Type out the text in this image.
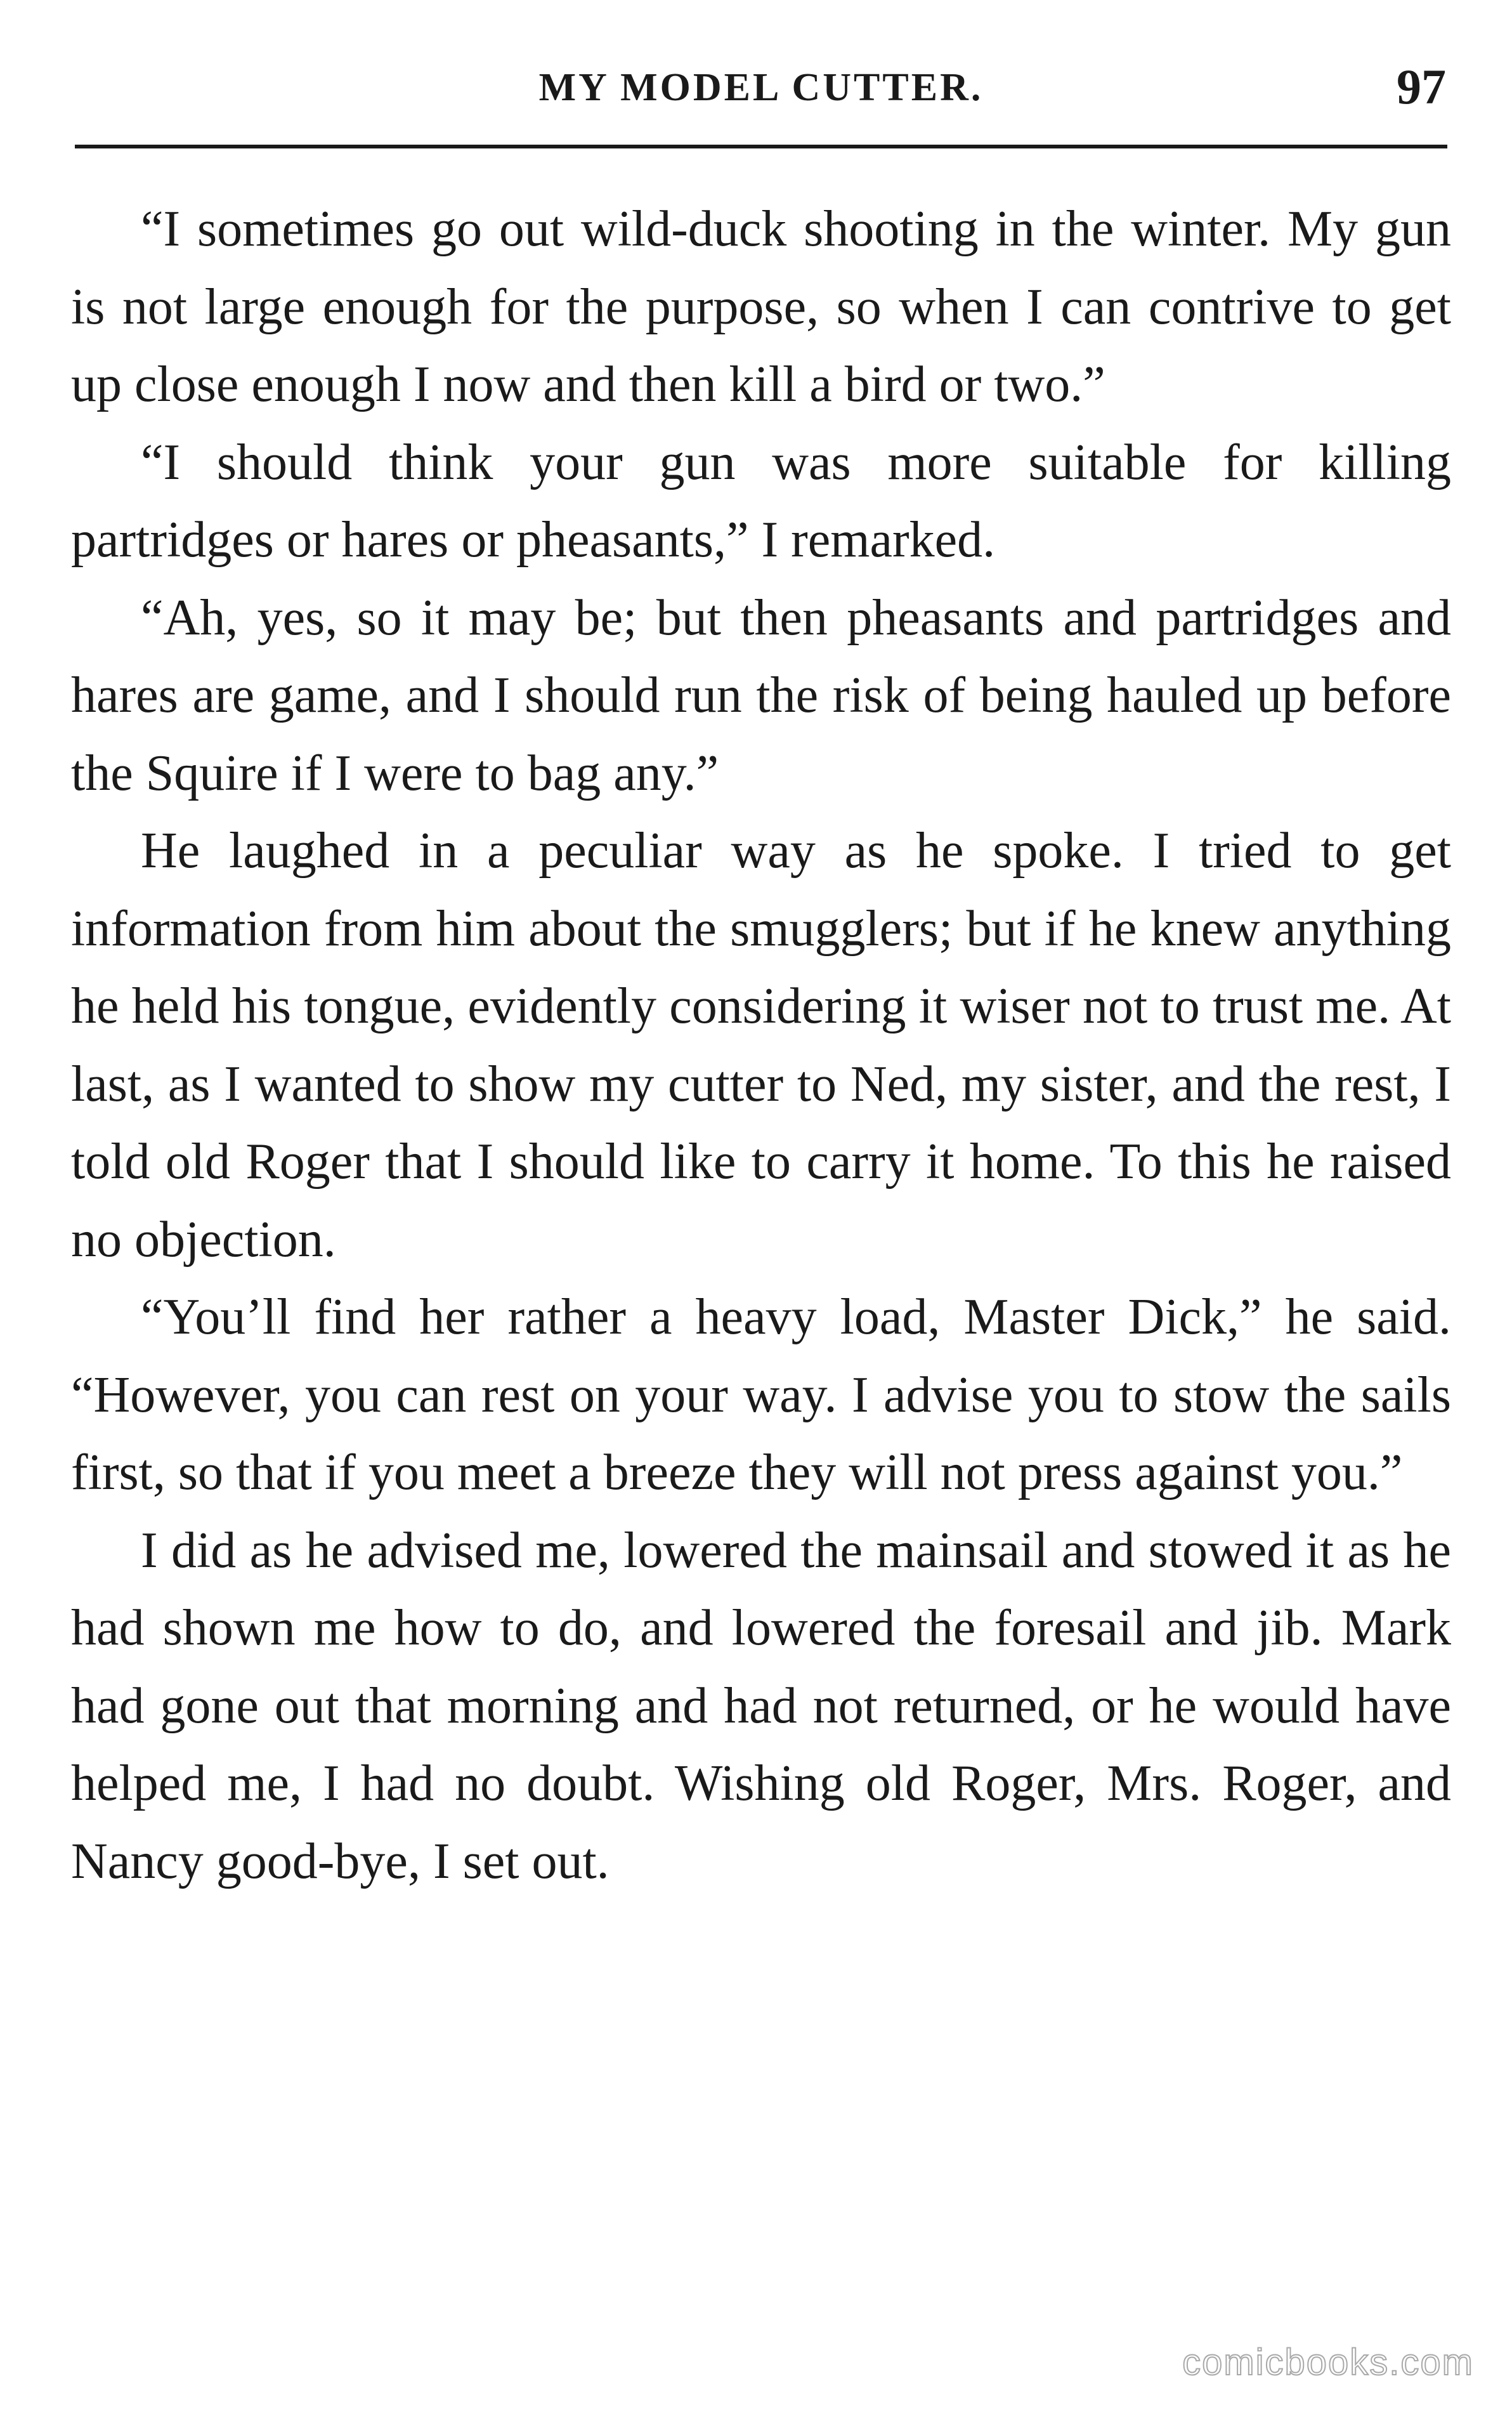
MY MODEL CUTTER.	97

“I sometimes go out wild-duck shooting in the winter. My gun is not large enough for the purpose, so when I can contrive to get up close enough I now and then kill a bird or two.”

“I should think your gun was more suitable for killing partridges or hares or pheasants,” I remarked.

“Ah, yes, so it may be; but then pheasants and partridges and hares are game, and I should run the risk of being hauled up before the Squire if I were to bag any.”

He laughed in a peculiar way as he spoke. I tried to get information from him about the smugglers; but if he knew anything he held his tongue, evidently considering it wiser not to trust me. At last, as I wanted to show my cutter to Ned, my sister, and the rest, I told old Roger that I should like to carry it home. To this he raised no objection.

“You’ll find her rather a heavy load, Master Dick,” he said. “However, you can rest on your way. I advise you to stow the sails first, so that if you meet a breeze they will not press against you.”

I did as he advised me, lowered the mainsail and stowed it as he had shown me how to do, and lowered the foresail and jib. Mark had gone out that morning and had not returned, or he would have helped me, I had no doubt. Wishing old Roger, Mrs. Roger, and Nancy good-bye, I set out.

comicbooks.com
